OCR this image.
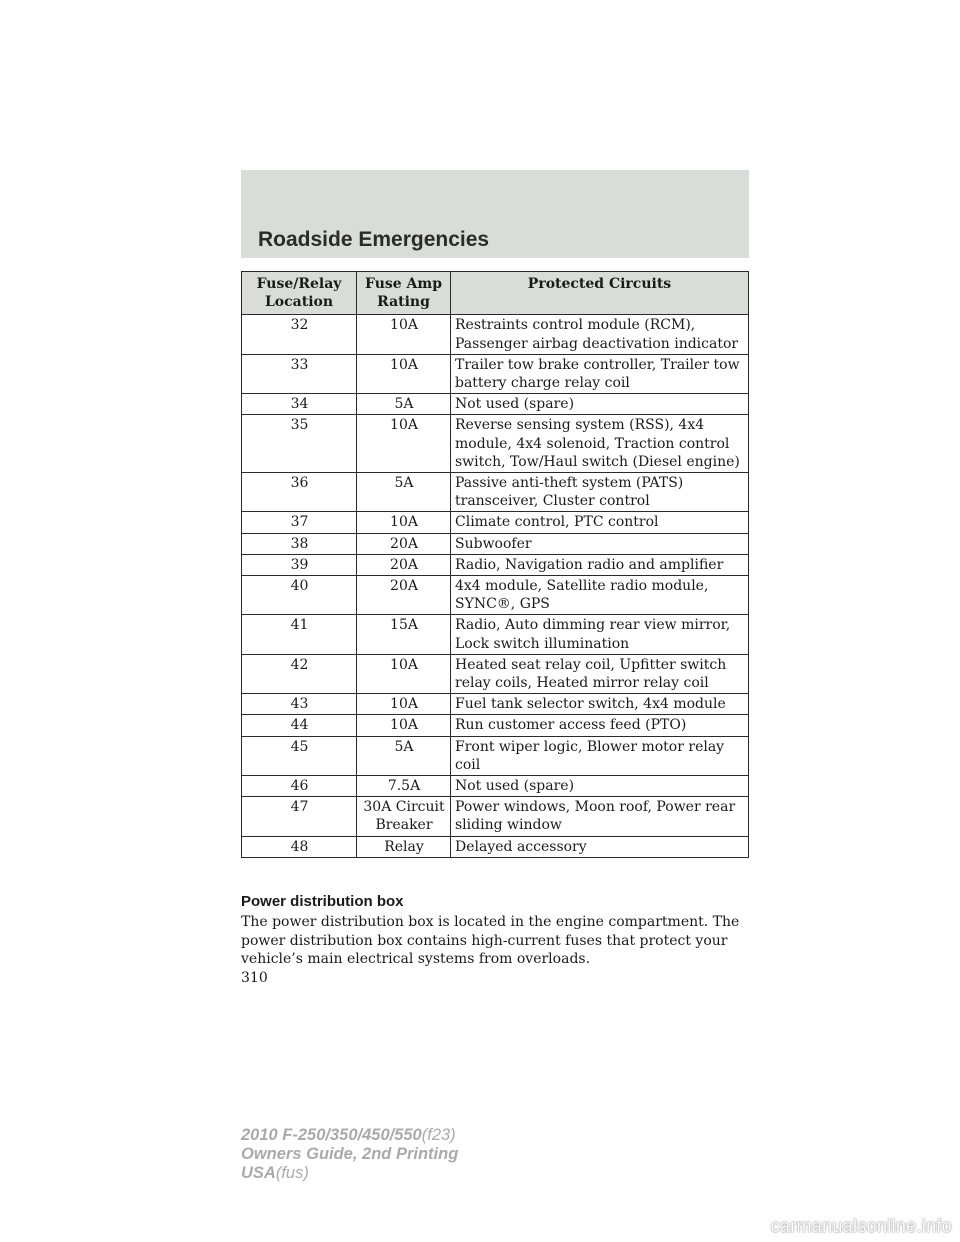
Roadside Emergencies
Fuse/Relay Location	Fuse Amp Rating	Protected Circuits
32	10A	Restraints control module (RCM), Passenger airbag deactivation indicator
33	10A	Trailer tow brake controller, Trailer tow battery charge relay coil
34	5A	Not used (spare)
35	10A	Reverse sensing system (RSS), 4x4 module, 4x4 solenoid, Traction control switch, Tow/Haul switch (Diesel engine)
36	5A	Passive anti-theft system (PATS) transceiver, Cluster control
37	10A	Climate control, PTC control
38	20A	Subwoofer
39	20A	Radio, Navigation radio and amplifier
40	20A	4x4 module, Satellite radio module, SYNC®, GPS
41	15A	Radio, Auto dimming rear view mirror, Lock switch illumination
42	10A	Heated seat relay coil, Upfitter switch relay coils, Heated mirror relay coil
43	10A	Fuel tank selector switch, 4x4 module
44	10A	Run customer access feed (PTO)
45	5A	Front wiper logic, Blower motor relay coil
46	7.5A	Not used (spare)
47	30A Circuit Breaker	Power windows, Moon roof, Power rear sliding window
48	Relay	Delayed accessory
Power distribution box
The power distribution box is located in the engine compartment. The power distribution box contains high-current fuses that protect your vehicle’s main electrical systems from overloads.
310
2010 F-250/350/450/550(f23)
Owners Guide, 2nd Printing
USA(fus)
carmanualsonline.info
